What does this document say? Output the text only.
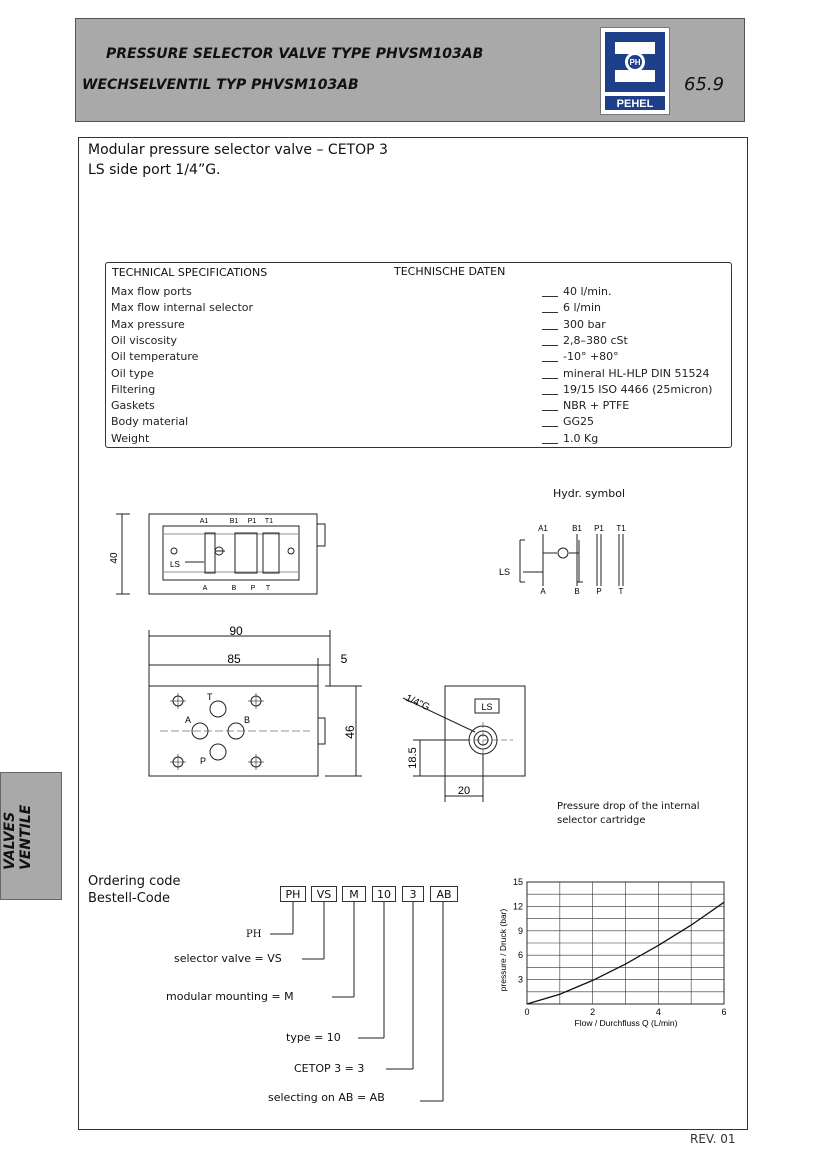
PRESSURE SELECTOR VALVE TYPE PHVSM103AB
WECHSELVENTIL TYP PHVSM103AB
PH
PEHEL
65.9
Modular pressure selector valve – CETOP 3
LS side port 1/4”G.
TECHNICAL SPECIFICATIONS	TECHNISCHE DATEN
Max flow ports	40 l/min.
Max flow internal selector	6 l/min
Max pressure	300 bar
Oil viscosity	2,8–380 cSt
Oil temperature	-10° +80°
Oil type	mineral HL-HLP DIN 51524
Filtering	19/15 ISO 4466 (25micron)
Gaskets	NBR + PTFE
Body material	GG25
Weight	1.0 Kg
40
A1	B1 P1 T1
A	B P T
LS
Hydr. symbol
A1	B1 P1 T1
A	B P T
LS
90
85	5
46
T
A	B
P
1/4"G	LS
18.5
20
Pressure drop of the internal
selector cartridge
VALVES VENTILE
Ordering code
Bestell-Code	PH	VS	M	10	3	AB
PH
selector valve = VS
modular mounting = M
type = 10
CETOP 3 = 3
selecting on AB = AB
0	2	4	6
3
6
9
12
15
Flow / Durchfluss Q (L/min)
pressure / Druck (bar)
REV. 01
